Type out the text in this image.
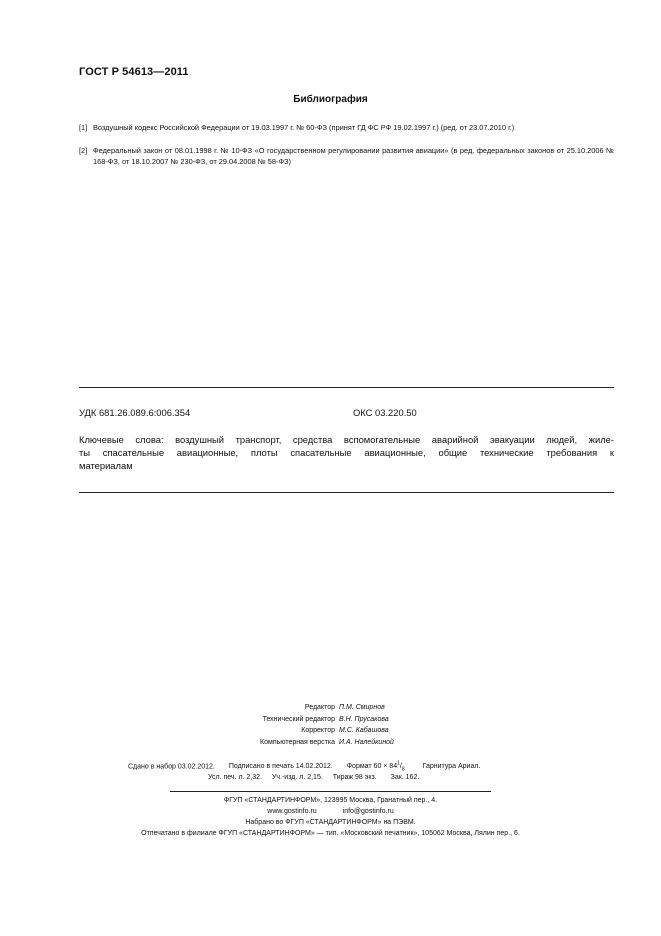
ГОСТ Р 54613—2011
Библиография
[1] Воздушный кодекс Российской Федерации от 19.03.1997 г. № 60-ФЗ (принят ГД ФС РФ 19.02.1997 г.) (ред. от 23.07.2010 г.)
[2] Федеральный закон от 08.01.1998 г. № 10-ФЗ «О государственном регулировании развития авиации» (в ред. федеральных законов от 25.10.2006 № 168-ФЗ, от 18.10.2007 № 230-ФЗ, от 29.04.2008 № 58-ФЗ)
УДК 681.26.089.6:006.354	ОКС 03.220.50
Ключевые слова: воздушный транспорт, средства вспомогательные аварийной эвакуации людей, жиле-
ты спасательные авиационные, плоты спасательные авиационные, общие технические требования к
материалам
Редактор П.М. Смирнов
Технический редактор В.Н. Прусакова
Корректор М.С. Кабашова
Компьютерная верстка И.А. Налейкиной
Сдано в набор 03.02.2012. Подписано в печать 14.02.2012. Формат $60 \times 84^1/_8$	Гарнитура Ариал.
Усл. печ. л. 2,32. Уч.-изд. л. 2,15. Тираж 98 экз. Зак. 162.
ФГУП «СТАНДАРТИНФОРМ», 123995 Москва, Гранатный пер., 4.
www.gostinfo.ru	info@gostinfo.ru
Набрано во ФГУП «СТАНДАРТИНФОРМ» на ПЭВМ.
Отпечатано в филиале ФГУП «СТАНДАРТИНФОРМ» — тип. «Московский печатник», 105062 Москва, Лялин пер., 6.
